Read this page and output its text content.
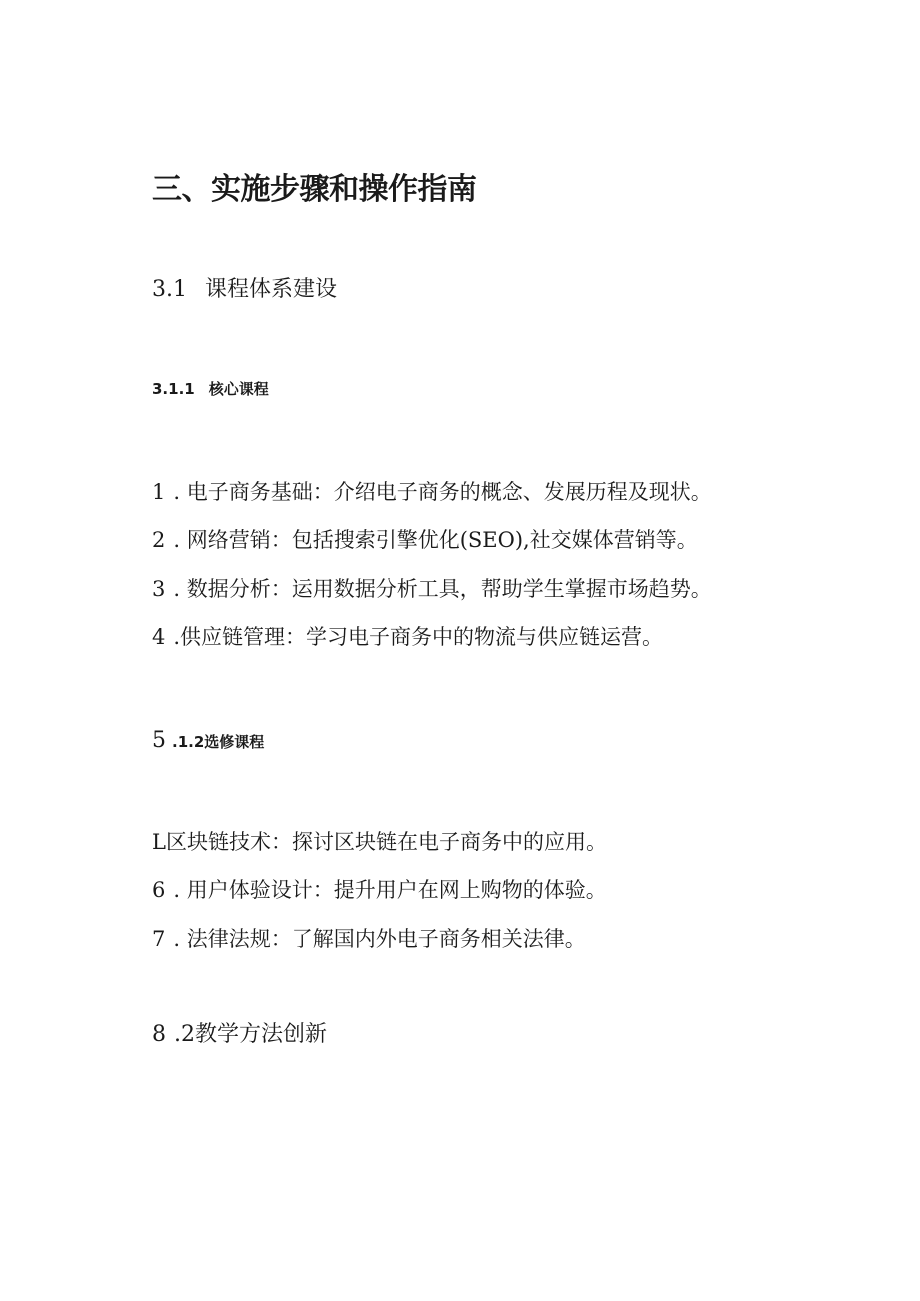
三、实施步骤和操作指南
3.1 课程体系建设
3.1.1 核心课程
1 . 电子商务基础：介绍电子商务的概念、发展历程及现状。
2 . 网络营销：包括搜索引擎优化(SEO),社交媒体营销等。
3 . 数据分析：运用数据分析工具，帮助学生掌握市场趋势。
4 .供应链管理：学习电子商务中的物流与供应链运营。
5 .1.2选修课程
L区块链技术：探讨区块链在电子商务中的应用。
6 . 用户体验设计：提升用户在网上购物的体验。
7 . 法律法规：了解国内外电子商务相关法律。
8 .2教学方法创新
